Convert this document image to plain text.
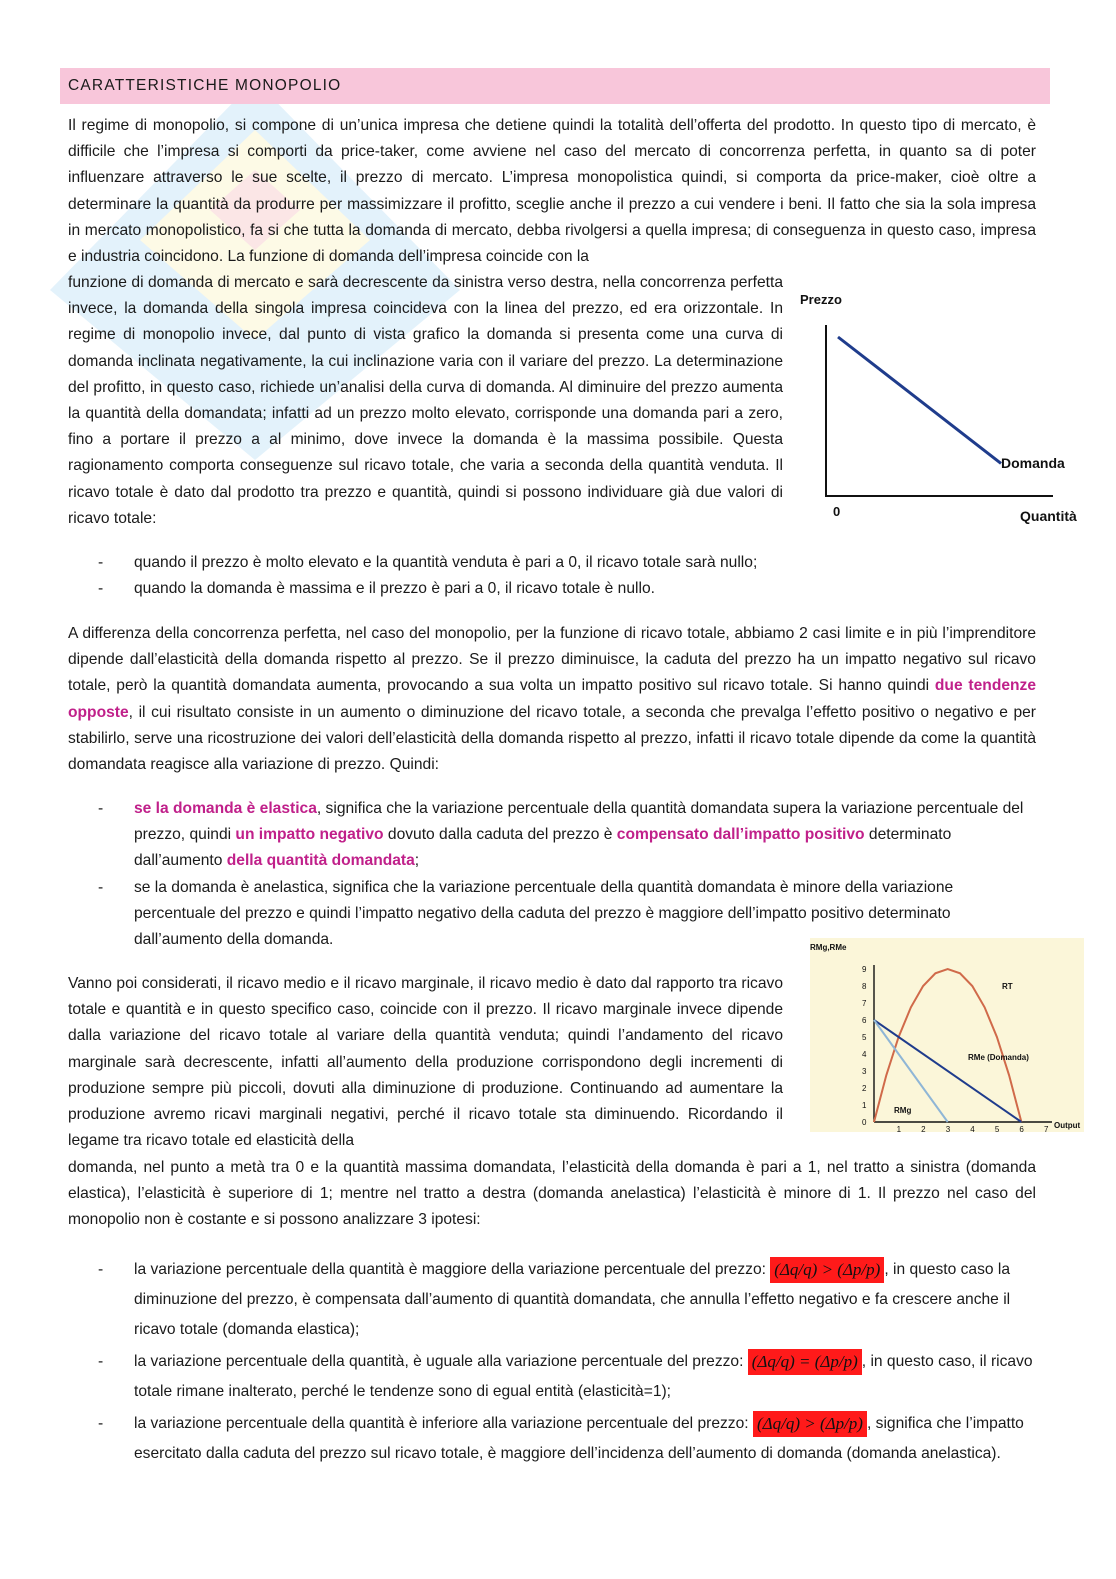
CARATTERISTICHE MONOPOLIO

Il regime di monopolio, si compone di un’unica impresa che detiene quindi la totalità dell’offerta del prodotto. In questo tipo di mercato, è difficile che l’impresa si comporti da price-taker, come avviene nel caso del mercato di concorrenza perfetta, in quanto sa di poter influenzare attraverso le sue scelte, il prezzo di mercato. L’impresa monopolistica quindi, si comporta da price-maker, cioè oltre a determinare la quantità da produrre per massimizzare il profitto, sceglie anche il prezzo a cui vendere i beni. Il fatto che sia la sola impresa in mercato monopolistico, fa si che tutta la domanda di mercato, debba rivolgersi a quella impresa; di conseguenza in questo caso, impresa e industria coincidono. La funzione di domanda dell’impresa coincide con la

funzione di domanda di mercato e sarà decrescente da sinistra verso destra, nella concorrenza perfetta invece, la domanda della singola impresa coincideva con la linea del prezzo, ed era orizzontale. In regime di monopolio invece, dal punto di vista grafico la domanda si presenta come una curva di domanda inclinata negativamente, la cui inclinazione varia con il variare del prezzo. La determinazione del profitto, in questo caso, richiede un’analisi della curva di domanda. Al diminuire del prezzo aumenta la quantità della domandata; infatti ad un prezzo molto elevato, corrisponde una domanda pari a zero, fino a portare il prezzo a al minimo, dove invece la domanda è la massima possibile. Questa ragionamento comporta conseguenze sul ricavo totale, che varia a seconda della quantità venduta. Il ricavo totale è dato dal prodotto tra prezzo e quantità, quindi si possono individuare già due valori di ricavo totale:

Prezzo
Domanda
0	Quantità
- quando il prezzo è molto elevato e la quantità venduta è pari a 0, il ricavo totale sarà nullo;
- quando la domanda è massima e il prezzo è pari a 0, il ricavo totale è nullo.

A differenza della concorrenza perfetta, nel caso del monopolio, per la funzione di ricavo totale, abbiamo 2 casi limite e in più l’imprenditore dipende dall’elasticità della domanda rispetto al prezzo. Se il prezzo diminuisce, la caduta del prezzo ha un impatto negativo sul ricavo totale, però la quantità domandata aumenta, provocando a sua volta un impatto positivo sul ricavo totale. Si hanno quindi due tendenze opposte, il cui risultato consiste in un aumento o diminuzione del ricavo totale, a seconda che prevalga l’effetto positivo o negativo e per stabilirlo, serve una ricostruzione dei valori dell’elasticità della domanda rispetto al prezzo, infatti il ricavo totale dipende da come la quantità domandata reagisce alla variazione di prezzo. Quindi:

- se la domanda è elastica, significa che la variazione percentuale della quantità domandata supera la variazione percentuale del prezzo, quindi un impatto negativo dovuto dalla caduta del prezzo è compensato dall’impatto positivo determinato dall’aumento della quantità domandata;
- se la domanda è anelastica, significa che la variazione percentuale della quantità domandata è minore della variazione percentuale del prezzo e quindi l’impatto negativo della caduta del prezzo è maggiore dell’impatto positivo determinato dall’aumento della domanda.

Vanno poi considerati, il ricavo medio e il ricavo marginale, il ricavo medio è dato dal rapporto tra ricavo totale e quantità e in questo specifico caso, coincide con il prezzo. Il ricavo marginale invece dipende dalla variazione del ricavo totale al variare della quantità venduta; quindi l’andamento del ricavo marginale sarà decrescente, infatti all’aumento della produzione corrispondono degli incrementi di produzione sempre più piccoli, dovuti alla diminuzione di produzione. Continuando ad aumentare la produzione avremo ricavi marginali negativi, perché il ricavo totale sta diminuendo. Ricordando il legame tra ricavo totale ed elasticità della

RMg,RMe
Output
1	2	3	4	5	6	7
0
1
2
3
4
5
6
7
8
9
RT
RMe (Domanda)
RMg

domanda, nel punto a metà tra 0 e la quantità massima domandata, l’elasticità della domanda è pari a 1, nel tratto a sinistra (domanda elastica), l’elasticità è superiore di 1; mentre nel tratto a destra (domanda anelastica) l’elasticità è minore di 1. Il prezzo nel caso del monopolio non è costante e si possono analizzare 3 ipotesi:

- la variazione percentuale della quantità è maggiore della variazione percentuale del prezzo: (Δq/q) > (Δp/p) , in questo caso la diminuzione del prezzo, è compensata dall’aumento di quantità domandata, che annulla l’effetto negativo e fa crescere anche il ricavo totale (domanda elastica);
- la variazione percentuale della quantità, è uguale alla variazione percentuale del prezzo: (Δq/q) = (Δp/p) , in questo caso, il ricavo totale rimane inalterato, perché le tendenze sono di egual entità (elasticità=1);
- la variazione percentuale della quantità è inferiore alla variazione percentuale del prezzo: (Δq/q) > (Δp/p) , significa che l’impatto esercitato dalla caduta del prezzo sul ricavo totale, è maggiore dell’incidenza dell’aumento di domanda (domanda anelastica).
